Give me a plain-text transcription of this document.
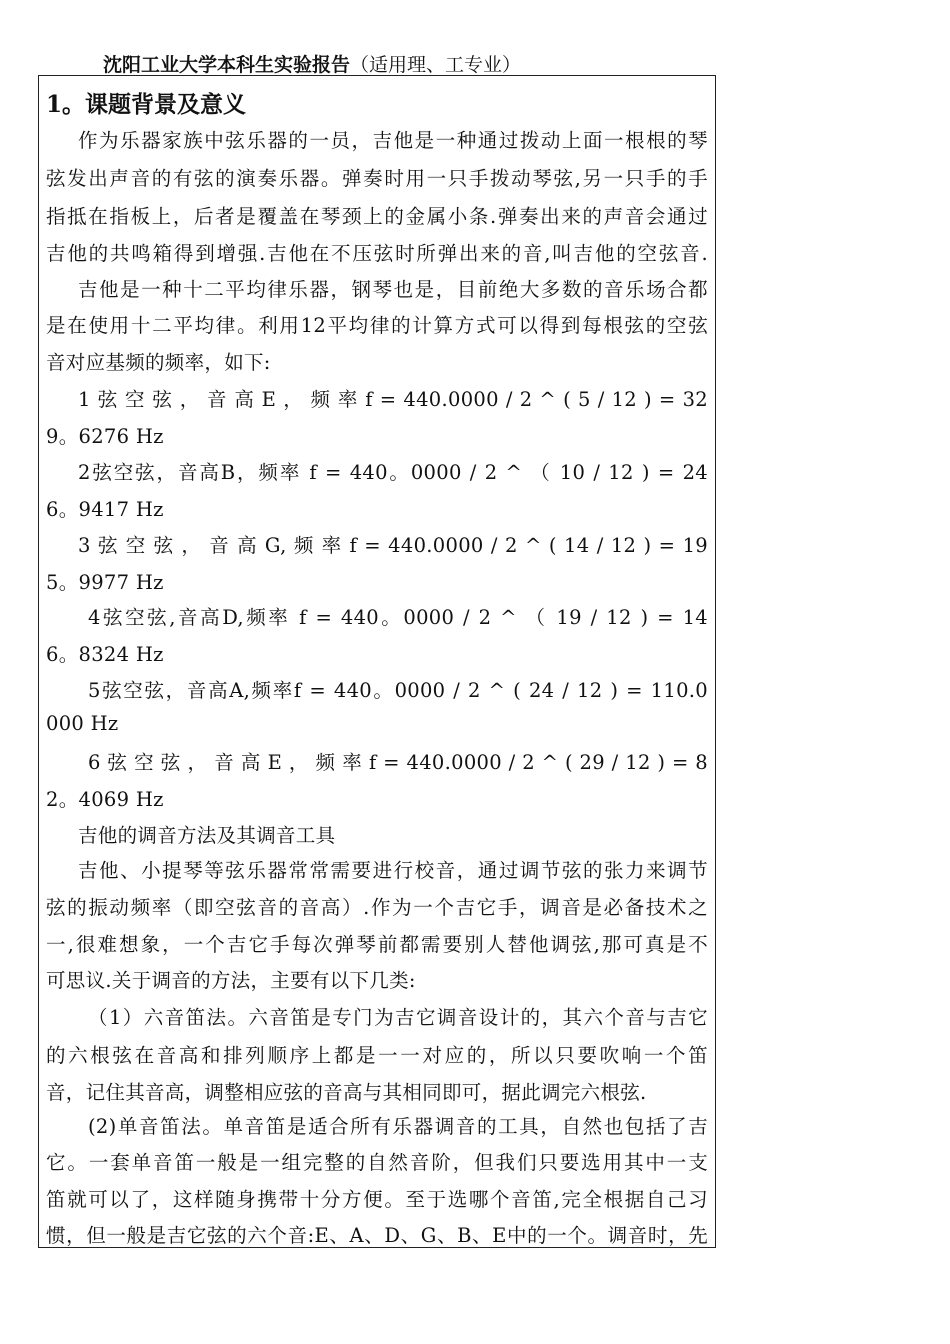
沈阳工业大学本科生实验报告（适用理、工专业）
1。课题背景及意义
作为乐器家族中弦乐器的一员，吉他是一种通过拨动上面一根根的琴
弦发出声音的有弦的演奏乐器。弹奏时用一只手拨动琴弦,另一只手的手
指抵在指板上，后者是覆盖在琴颈上的金属小条.弹奏出来的声音会通过
吉他的共鸣箱得到增强.吉他在不压弦时所弹出来的音,叫吉他的空弦音.
吉他是一种十二平均律乐器，钢琴也是，目前绝大多数的音乐场合都
是在使用十二平均律。利用12平均律的计算方式可以得到每根弦的空弦
音对应基频的频率，如下:
1 弦 空 弦 ， 音 高 E ， 频 率 f = 440.0000 / 2 ^ ( 5 / 12 ) = 32
9。6276 Hz
2弦空弦，音高B，频率 f = 440。0000 / 2 ^ （ 10 / 12 ) = 24
6。9417 Hz
3 弦 空 弦 ， 音 高 G, 频 率 f = 440.0000 / 2 ^ ( 14 / 12 ) = 19
5。9977 Hz
4弦空弦,音高D,频率 f = 440。0000 / 2 ^ （ 19 / 12 ) = 14
6。8324 Hz
5弦空弦，音高A,频率f = 440。0000 / 2 ^ ( 24 / 12 ) = 110.0
000 Hz
6 弦 空 弦 ， 音 高 E ， 频 率 f = 440.0000 / 2 ^ ( 29 / 12 ) = 8
2。4069 Hz
吉他的调音方法及其调音工具
吉他、小提琴等弦乐器常常需要进行校音，通过调节弦的张力来调节
弦的振动频率（即空弦音的音高）.作为一个吉它手，调音是必备技术之
一,很难想象，一个吉它手每次弹琴前都需要别人替他调弦,那可真是不
可思议.关于调音的方法，主要有以下几类:
（1）六音笛法。六音笛是专门为吉它调音设计的，其六个音与吉它
的六根弦在音高和排列顺序上都是一一对应的，所以只要吹响一个笛
音，记住其音高，调整相应弦的音高与其相同即可，据此调完六根弦.
(2)单音笛法。单音笛是适合所有乐器调音的工具，自然也包括了吉
它。一套单音笛一般是一组完整的自然音阶，但我们只要选用其中一支
笛就可以了，这样随身携带十分方便。至于选哪个音笛,完全根据自己习
惯，但一般是吉它弦的六个音:E、A、D、G、B、E中的一个。调音时，先
